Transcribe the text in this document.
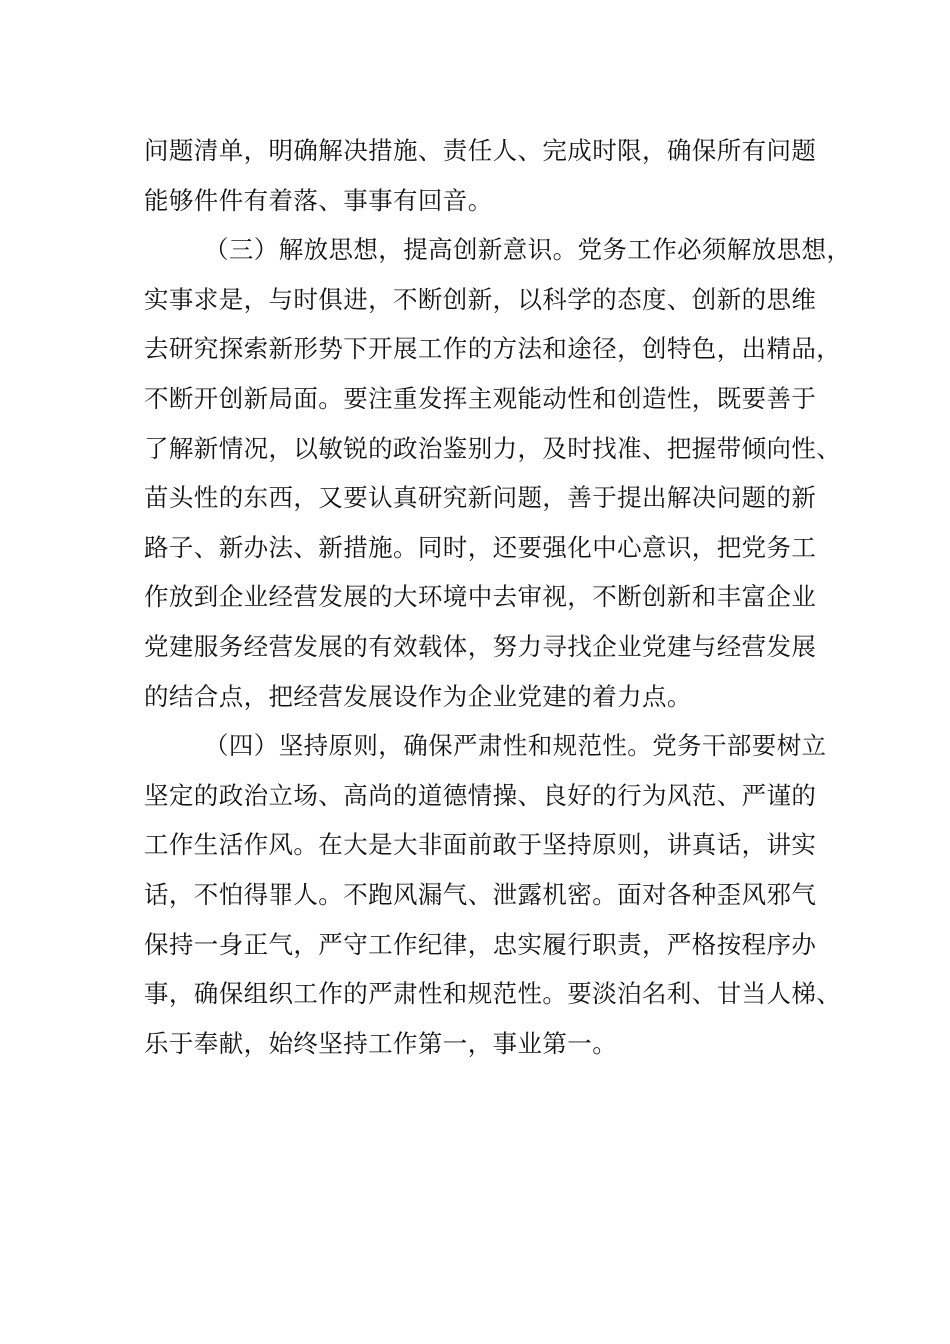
问题清单，明确解决措施、责任人、完成时限，确保所有问题
能够件件有着落、事事有回音。
（三）解放思想，提高创新意识。党务工作必须解放思想，
实事求是，与时俱进，不断创新，以科学的态度、创新的思维
去研究探索新形势下开展工作的方法和途径，创特色，出精品，
不断开创新局面。要注重发挥主观能动性和创造性，既要善于
了解新情况，以敏锐的政治鉴别力，及时找准、把握带倾向性、
苗头性的东西，又要认真研究新问题，善于提出解决问题的新
路子、新办法、新措施。同时，还要强化中心意识，把党务工
作放到企业经营发展的大环境中去审视，不断创新和丰富企业
党建服务经营发展的有效载体，努力寻找企业党建与经营发展
的结合点，把经营发展设作为企业党建的着力点。
（四）坚持原则，确保严肃性和规范性。党务干部要树立
坚定的政治立场、高尚的道德情操、良好的行为风范、严谨的
工作生活作风。在大是大非面前敢于坚持原则，讲真话，讲实
话，不怕得罪人。不跑风漏气、泄露机密。面对各种歪风邪气
保持一身正气，严守工作纪律，忠实履行职责，严格按程序办
事，确保组织工作的严肃性和规范性。要淡泊名利、甘当人梯、
乐于奉献，始终坚持工作第一，事业第一。
